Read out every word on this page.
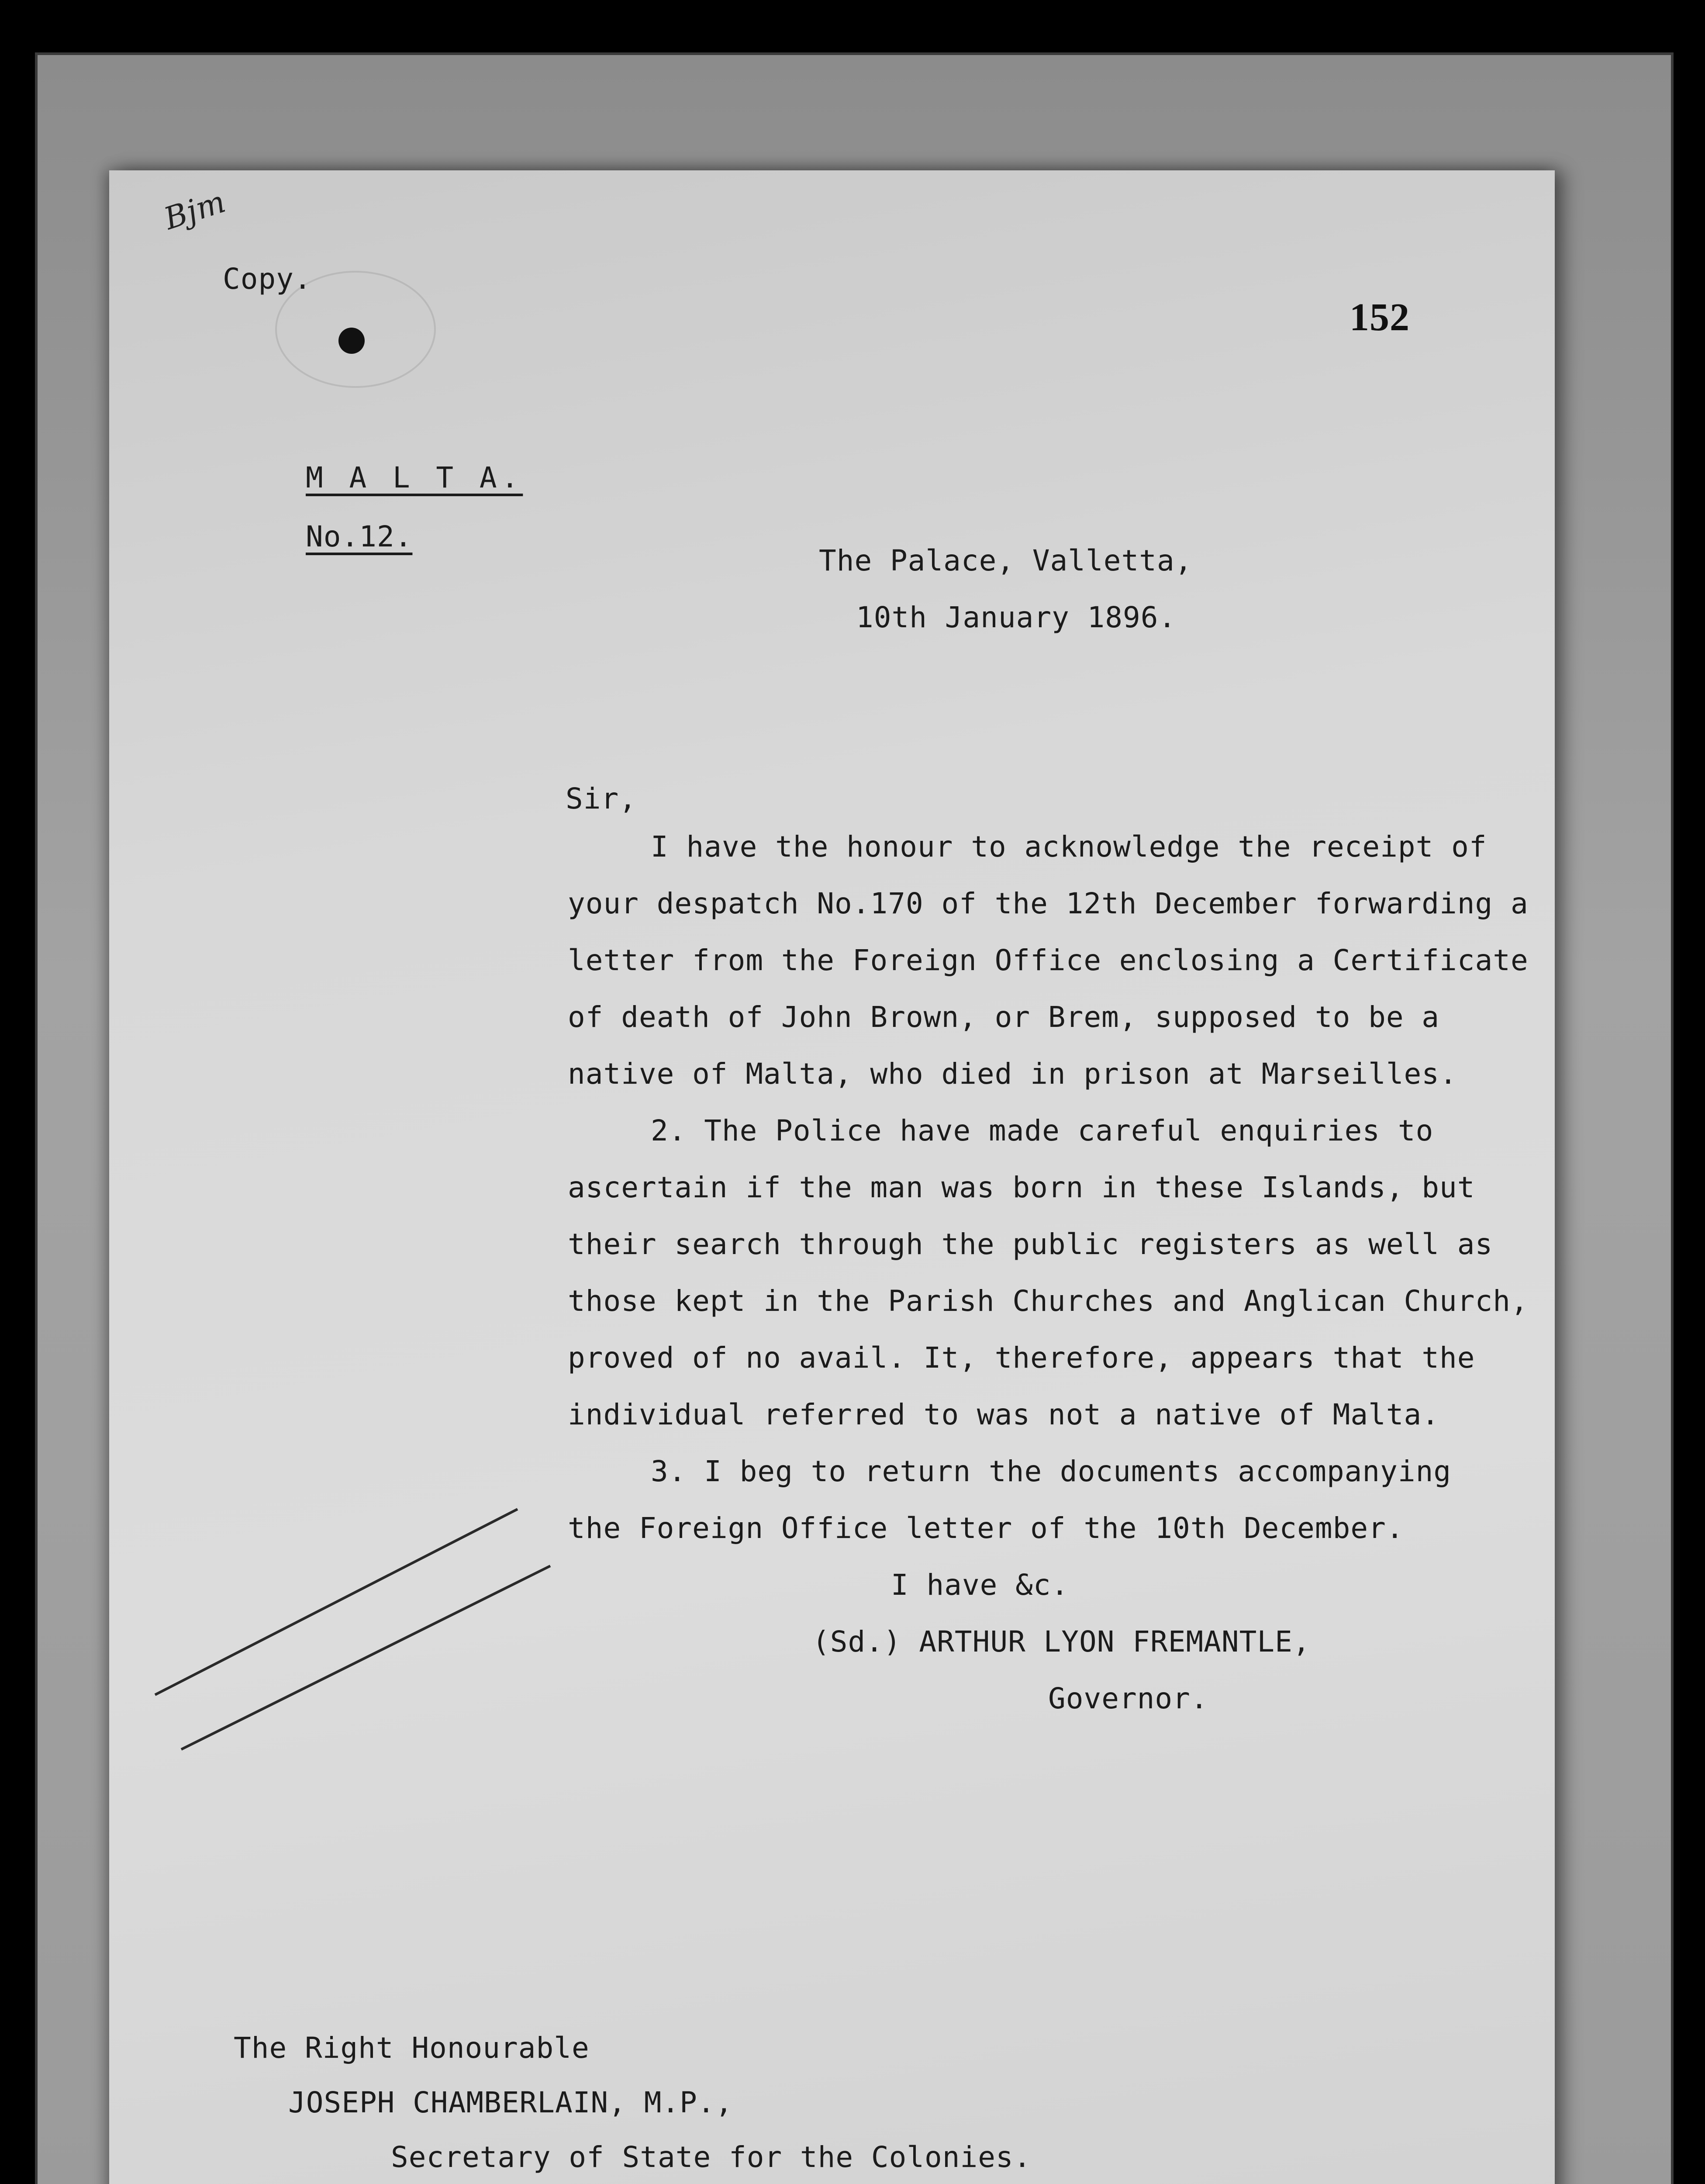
Bjm
Copy.
152
M A L T A.
No.12.
The Palace, Valletta,
10th January 1896.
Sir,
I have the honour to acknowledge the receipt of
your despatch No.170 of the 12th December forwarding a
letter from the Foreign Office enclosing a Certificate
of death of John Brown, or Brem, supposed to be a
native of Malta, who died in prison at Marseilles.
2. The Police have made careful enquiries to
ascertain if the man was born in these Islands, but
their search through the public registers as well as
those kept in the Parish Churches and Anglican Church,
proved of no avail. It, therefore, appears that the
individual referred to was not a native of Malta.
3. I beg to return the documents accompanying
the Foreign Office letter of the 10th December.
I have &c.
(Sd.) ARTHUR LYON FREMANTLE,
Governor.
The Right Honourable
JOSEPH CHAMBERLAIN, M.P.,
Secretary of State for the Colonies.
